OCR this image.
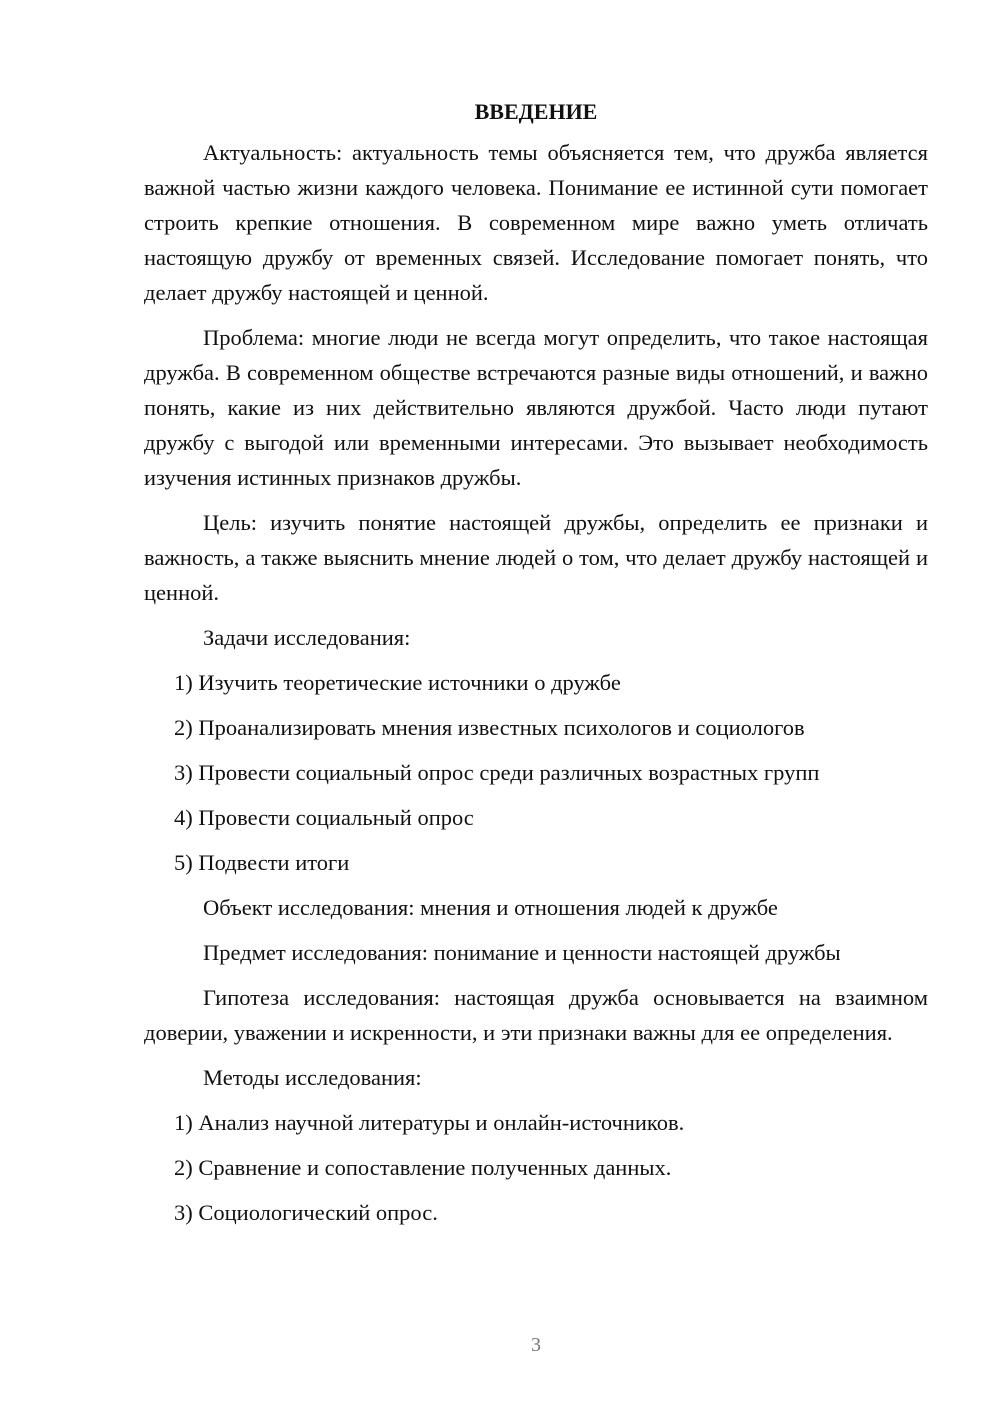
ВВЕДЕНИЕ
Актуальность: актуальность темы объясняется тем, что дружба является важной частью жизни каждого человека. Понимание ее истинной сути помогает строить крепкие отношения. В современном мире важно уметь отличать настоящую дружбу от временных связей. Исследование помогает понять, что делает дружбу настоящей и ценной.
Проблема: многие люди не всегда могут определить, что такое настоящая дружба. В современном обществе встречаются разные виды отношений, и важно понять, какие из них действительно являются дружбой. Часто люди путают дружбу с выгодой или временными интересами. Это вызывает необходимость изучения истинных признаков дружбы.
Цель: изучить понятие настоящей дружбы, определить ее признаки и важность, а также выяснить мнение людей о том, что делает дружбу настоящей и ценной.
Задачи исследования:
1) Изучить теоретические источники о дружбе
2) Проанализировать мнения известных психологов и социологов
3) Провести социальный опрос среди различных возрастных групп
4) Провести социальный опрос
5) Подвести итоги
Объект исследования: мнения и отношения людей к дружбе
Предмет исследования: понимание и ценности настоящей дружбы
Гипотеза исследования: настоящая дружба основывается на взаимном доверии, уважении и искренности, и эти признаки важны для ее определения.
Методы исследования:
1) Анализ научной литературы и онлайн-источников.
2) Сравнение и сопоставление полученных данных.
3) Социологический опрос.
3
